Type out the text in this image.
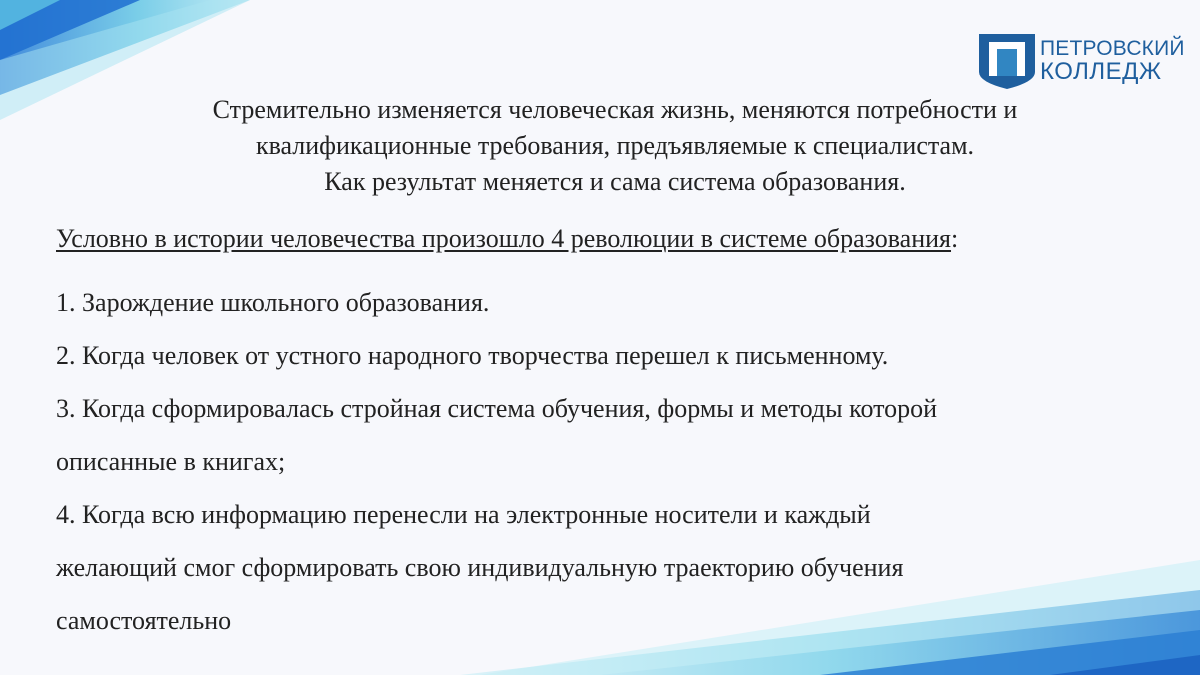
ПЕТРОВСКИЙ
КОЛЛЕДЖ
Стремительно изменяется человеческая жизнь, меняются потребности и
квалификационные требования, предъявляемые к специалистам.
Как результат меняется и сама система образования.
Условно в истории человечества произошло 4 революции в системе образования:
1. Зарождение школьного образования.
2. Когда человек от устного народного творчества перешел к письменному.
3. Когда сформировалась стройная система обучения, формы и методы которой
описанные в книгах;
4. Когда всю информацию перенесли на электронные носители и каждый
желающий смог сформировать свою индивидуальную траекторию обучения
самостоятельно
